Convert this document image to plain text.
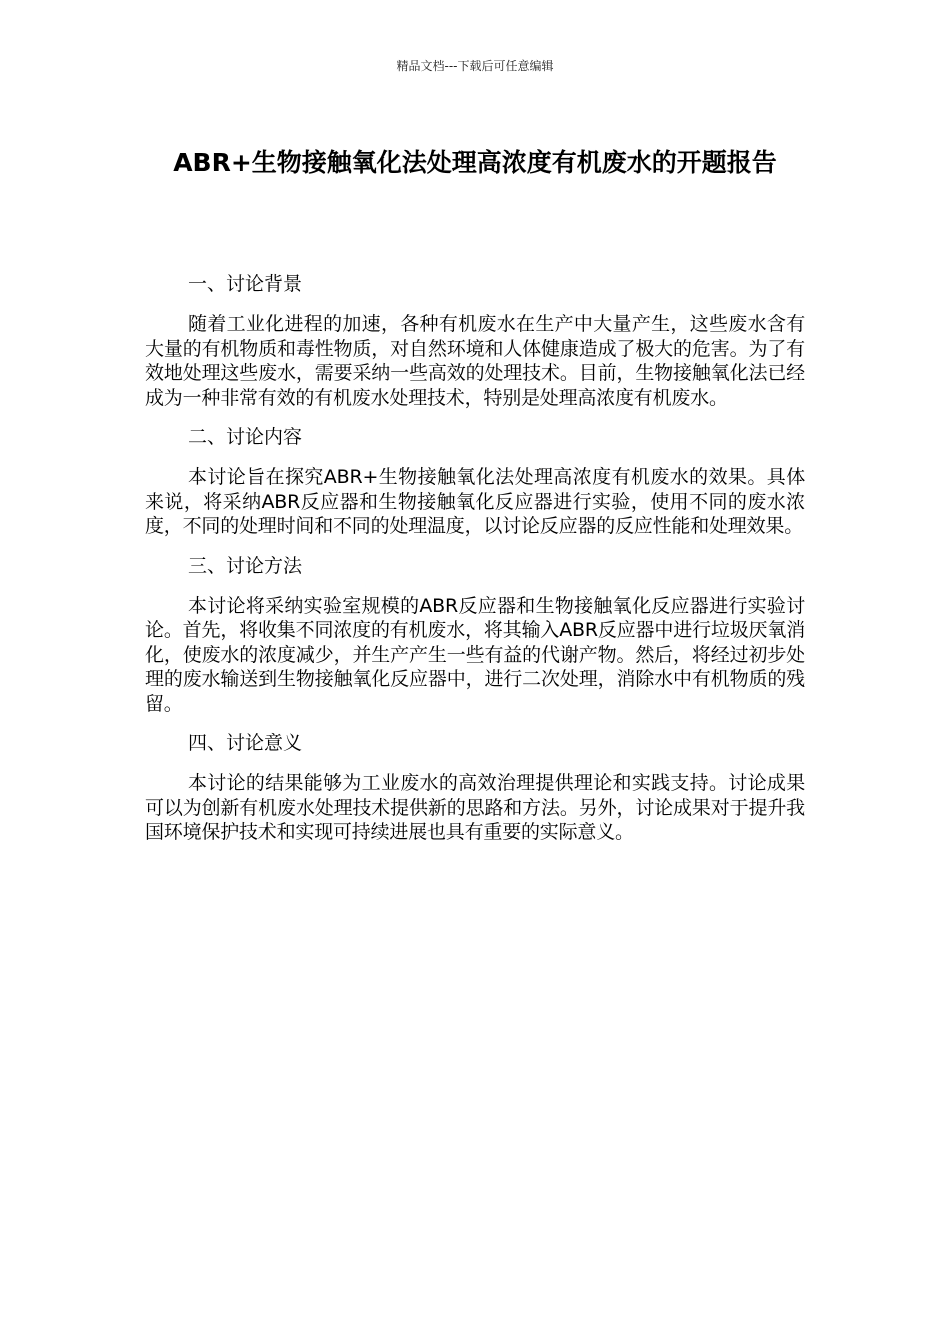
精品文档---下载后可任意编辑
ABR+生物接触氧化法处理高浓度有机废水的开题报告

一、讨论背景

随着工业化进程的加速，各种有机废水在生产中大量产生，这些废水含有大量的有机物质和毒性物质，对自然环境和人体健康造成了极大的危害。为了有效地处理这些废水，需要采纳一些高效的处理技术。目前，生物接触氧化法已经成为一种非常有效的有机废水处理技术，特别是处理高浓度有机废水。

二、讨论内容

本讨论旨在探究ABR+生物接触氧化法处理高浓度有机废水的效果。具体来说，将采纳ABR反应器和生物接触氧化反应器进行实验，使用不同的废水浓度，不同的处理时间和不同的处理温度，以讨论反应器的反应性能和处理效果。

三、讨论方法

本讨论将采纳实验室规模的ABR反应器和生物接触氧化反应器进行实验讨论。首先，将收集不同浓度的有机废水，将其输入ABR反应器中进行垃圾厌氧消化，使废水的浓度减少，并生产产生一些有益的代谢产物。然后，将经过初步处理的废水输送到生物接触氧化反应器中，进行二次处理，消除水中有机物质的残留。

四、讨论意义

本讨论的结果能够为工业废水的高效治理提供理论和实践支持。讨论成果可以为创新有机废水处理技术提供新的思路和方法。另外，讨论成果对于提升我国环境保护技术和实现可持续进展也具有重要的实际意义。
